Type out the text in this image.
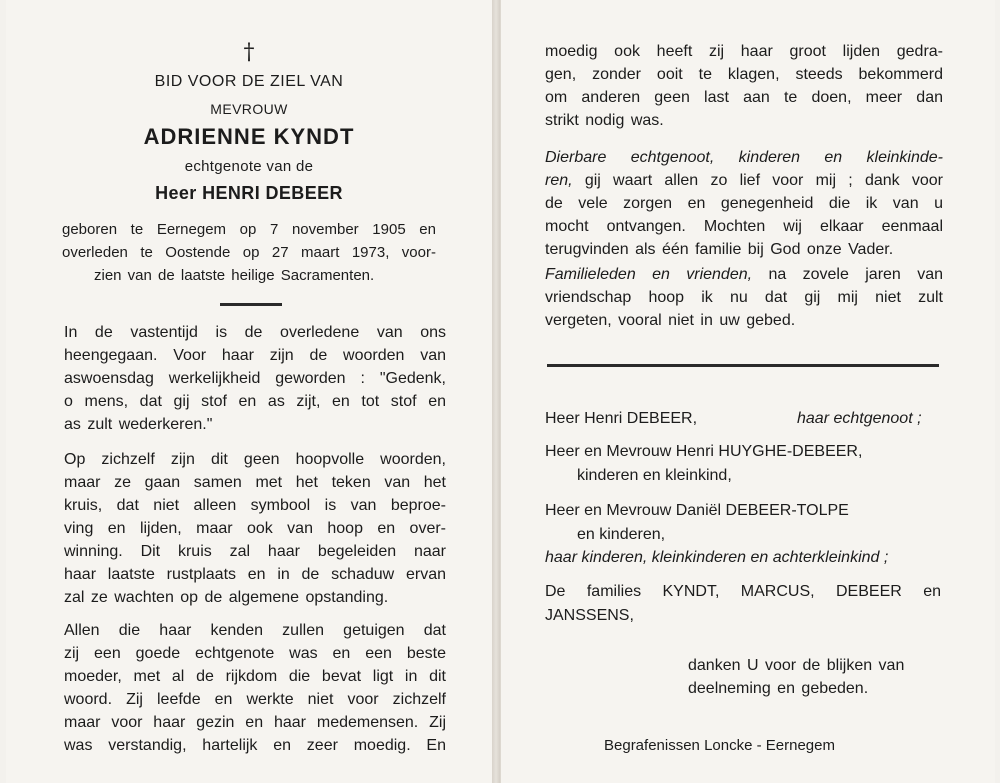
†
BID VOOR DE ZIEL VAN
MEVROUW
ADRIENNE KYNDT
echtgenote van de
Heer HENRI DEBEER

geboren te Eernegem op 7 november 1905 en

overleden te Oostende op 27 maart 1973, voor-

zien van de laatste heilige Sacramenten.

In de vastentijd is de overledene van ons

heengegaan. Voor haar zijn de woorden van

aswoensdag werkelijkheid geworden : "Gedenk,

o mens, dat gij stof en as zijt, en tot stof en

as zult wederkeren."

Op zichzelf zijn dit geen hoopvolle woorden,

maar ze gaan samen met het teken van het

kruis, dat niet alleen symbool is van beproe-

ving en lijden, maar ook van hoop en over-

winning. Dit kruis zal haar begeleiden naar

haar laatste rustplaats en in de schaduw ervan

zal ze wachten op de algemene opstanding.

Allen die haar kenden zullen getuigen dat

zij een goede echtgenote was en een beste

moeder, met al de rijkdom die bevat ligt in dit

woord. Zij leefde en werkte niet voor zichzelf

maar voor haar gezin en haar medemensen. Zij

was verstandig, hartelijk en zeer moedig. En

moedig ook heeft zij haar groot lijden gedra-

gen, zonder ooit te klagen, steeds bekommerd

om anderen geen last aan te doen, meer dan

strikt nodig was.

Dierbare echtgenoot, kinderen en kleinkinde-

ren, gij waart allen zo lief voor mij ; dank voor

de vele zorgen en genegenheid die ik van u

mocht ontvangen. Mochten wij elkaar eenmaal

terugvinden als één familie bij God onze Vader.

Familieleden en vrienden, na zovele jaren van

vriendschap hoop ik nu dat gij mij niet zult

vergeten, vooral niet in uw gebed.

Heer Henri DEBEER,	haar echtgenoot ;
Heer en Mevrouw Henri HUYGHE-DEBEER,
kinderen en kleinkind,
Heer en Mevrouw Daniël DEBEER-TOLPE
en kinderen,
haar kinderen, kleinkinderen en achterkleinkind ;
De families KYNDT, MARCUS, DEBEER en
JANSSENS,
danken U voor de blijken van
deelneming en gebeden.
Begrafenissen Loncke - Eernegem
